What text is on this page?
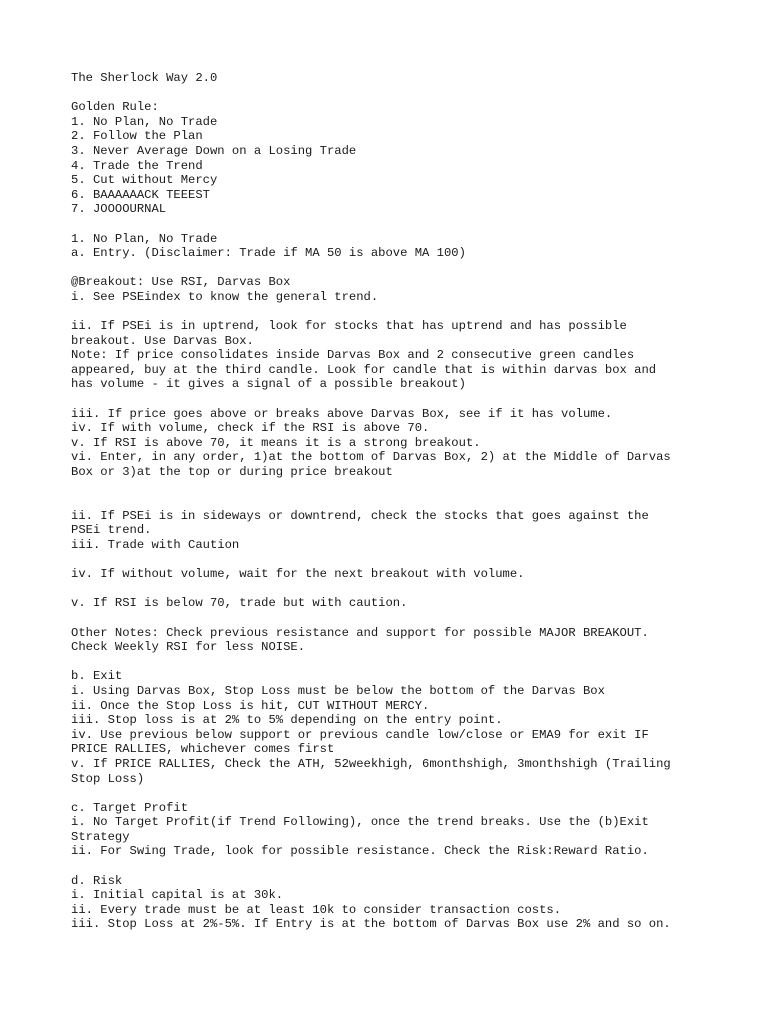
The Sherlock Way 2.0
Golden Rule:
1. No Plan, No Trade
2. Follow the Plan
3. Never Average Down on a Losing Trade
4. Trade the Trend
5. Cut without Mercy
6. BAAAAAACK TEEEST
7. JOOOOURNAL
1. No Plan, No Trade
a. Entry. (Disclaimer: Trade if MA 50 is above MA 100)
@Breakout: Use RSI, Darvas Box
i. See PSEindex to know the general trend.
ii. If PSEi is in uptrend, look for stocks that has uptrend and has possible
breakout. Use Darvas Box.
Note: If price consolidates inside Darvas Box and 2 consecutive green candles
appeared, buy at the third candle. Look for candle that is within darvas box and
has volume - it gives a signal of a possible breakout)
iii. If price goes above or breaks above Darvas Box, see if it has volume.
iv. If with volume, check if the RSI is above 70.
v. If RSI is above 70, it means it is a strong breakout.
vi. Enter, in any order, 1)at the bottom of Darvas Box, 2) at the Middle of Darvas
Box or 3)at the top or during price breakout
ii. If PSEi is in sideways or downtrend, check the stocks that goes against the
PSEi trend.
iii. Trade with Caution
iv. If without volume, wait for the next breakout with volume.
v. If RSI is below 70, trade but with caution.
Other Notes: Check previous resistance and support for possible MAJOR BREAKOUT.
Check Weekly RSI for less NOISE.
b. Exit
i. Using Darvas Box, Stop Loss must be below the bottom of the Darvas Box
ii. Once the Stop Loss is hit, CUT WITHOUT MERCY.
iii. Stop loss is at 2% to 5% depending on the entry point.
iv. Use previous below support or previous candle low/close or EMA9 for exit IF
PRICE RALLIES, whichever comes first
v. If PRICE RALLIES, Check the ATH, 52weekhigh, 6monthshigh, 3monthshigh (Trailing
Stop Loss)
c. Target Profit
i. No Target Profit(if Trend Following), once the trend breaks. Use the (b)Exit
Strategy
ii. For Swing Trade, look for possible resistance. Check the Risk:Reward Ratio.
d. Risk
i. Initial capital is at 30k.
ii. Every trade must be at least 10k to consider transaction costs.
iii. Stop Loss at 2%-5%. If Entry is at the bottom of Darvas Box use 2% and so on.
